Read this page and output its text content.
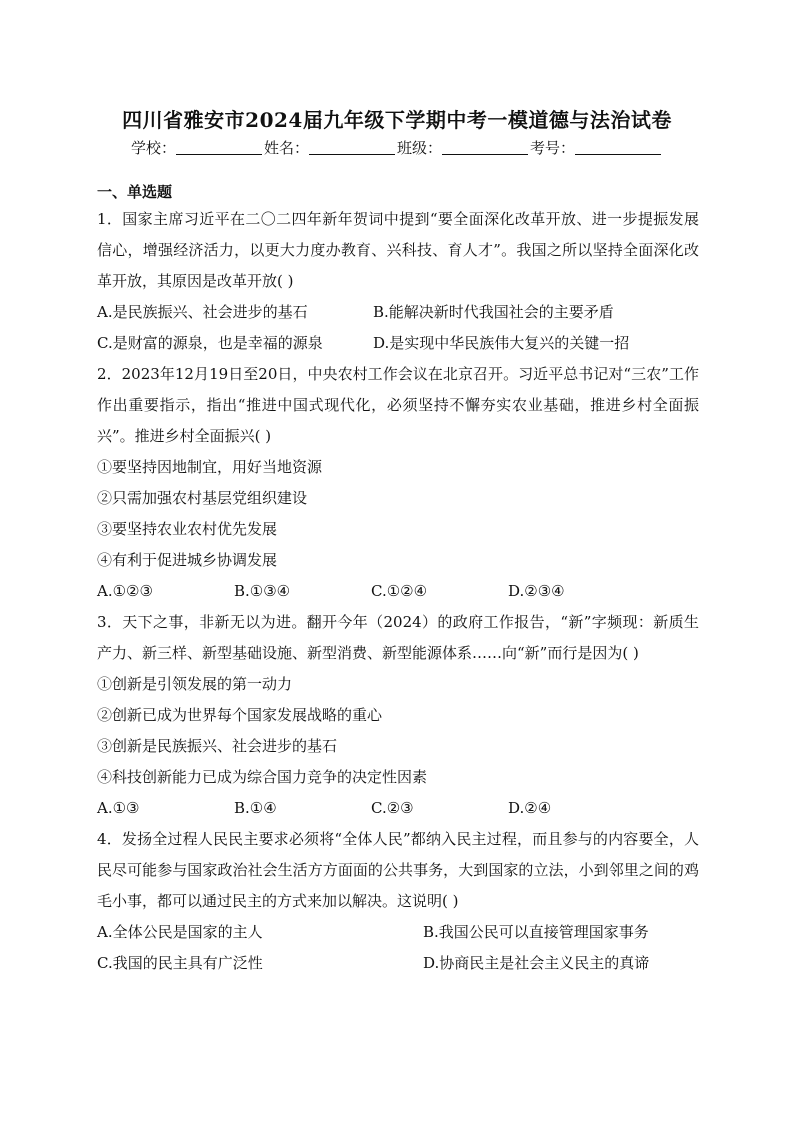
四川省雅安市2024届九年级下学期中考一模道德与法治试卷
学校：	姓名：	班级：	考号：
一、单选题

1．国家主席习近平在二〇二四年新年贺词中提到“要全面深化改革开放、进一步提振发展信心，增强经济活力，以更大力度办教育、兴科技、育人才”。我国之所以坚持全面深化改革开放，其原因是改革开放( )

A.是民族振兴、社会进步的基石	B.能解决新时代我国社会的主要矛盾
C.是财富的源泉，也是幸福的源泉	D.是实现中华民族伟大复兴的关键一招

2．2023年12月19日至20日，中央农村工作会议在北京召开。习近平总书记对“三农”工作作出重要指示，指出“推进中国式现代化，必须坚持不懈夯实农业基础，推进乡村全面振兴”。推进乡村全面振兴( )

①要坚持因地制宜，用好当地资源

②只需加强农村基层党组织建设

③要坚持农业农村优先发展

④有利于促进城乡协调发展

A.①②③	B.①③④	C.①②④	D.②③④

3．天下之事，非新无以为进。翻开今年（2024）的政府工作报告，“新”字频现：新质生产力、新三样、新型基础设施、新型消费、新型能源体系……向“新”而行是因为( )

①创新是引领发展的第一动力

②创新已成为世界每个国家发展战略的重心

③创新是民族振兴、社会进步的基石

④科技创新能力已成为综合国力竞争的决定性因素

A.①③	B.①④	C.②③	D.②④

4．发扬全过程人民民主要求必须将“全体人民”都纳入民主过程，而且参与的内容要全，人民尽可能参与国家政治社会生活方方面面的公共事务，大到国家的立法，小到邻里之间的鸡毛小事，都可以通过民主的方式来加以解决。这说明( )

A.全体公民是国家的主人	B.我国公民可以直接管理国家事务
C.我国的民主具有广泛性	D.协商民主是社会主义民主的真谛
